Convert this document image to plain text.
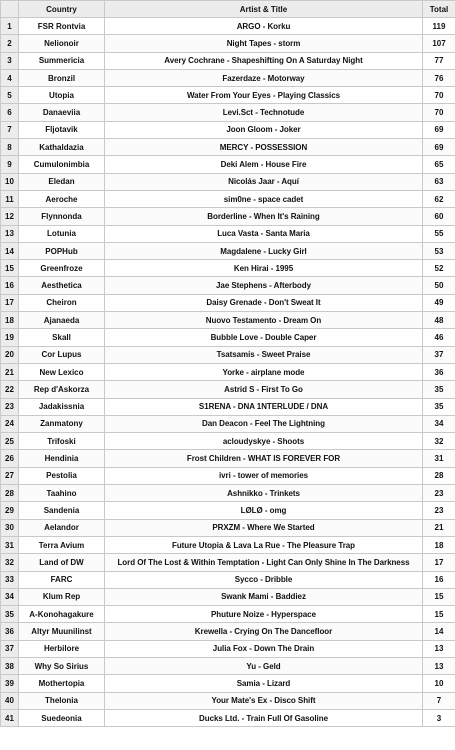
	Country	Artist & Title	Total
1	FSR Rontvia	ARGO - Korku	119
2	Nelionoir	Night Tapes - storm	107
3	Summericia	Avery Cochrane - Shapeshifting On A Saturday Night	77
4	Bronzil	Fazerdaze - Motorway	76
5	Utopia	Water From Your Eyes - Playing Classics	70
6	Danaeviia	Levi.Sct - Technotude	70
7	Fljotavik	Joon Gloom - Joker	69
8	Kathaldazia	MERCY - POSSESSION	69
9	Cumulonimbia	Deki Alem - House Fire	65
10	Eledan	Nicolás Jaar - Aquí	63
11	Aeroche	sim0ne - space cadet	62
12	Flynnonda	Borderline - When It's Raining	60
13	Lotunia	Luca Vasta - Santa Maria	55
14	POPHub	Magdalene - Lucky Girl	53
15	Greenfroze	Ken Hirai - 1995	52
16	Aesthetica	Jae Stephens - Afterbody	50
17	Cheiron	Daisy Grenade - Don't Sweat It	49
18	Ajanaeda	Nuovo Testamento - Dream On	48
19	Skall	Bubble Love - Double Caper	46
20	Cor Lupus	Tsatsamis - Sweet Praise	37
21	New Lexico	Yorke - airplane mode	36
22	Rep d'Askorza	Astrid S - First To Go	35
23	Jadakissnia	S1RENA - DNA 1NTERLUDE / DNA	35
24	Zanmatony	Dan Deacon - Feel The Lightning	34
25	Trifoski	acloudyskye - Shoots	32
26	Hendinia	Frost Children - WHAT IS FOREVER FOR	31
27	Pestolia	ivri - tower of memories	28
28	Taahino	Ashnikko - Trinkets	23
29	Sandenia	LØLØ - omg	23
30	Aelandor	PRXZM - Where We Started	21
31	Terra Avium	Future Utopia & Lava La Rue - The Pleasure Trap	18
32	Land of DW	Lord Of The Lost & Within Temptation - Light Can Only Shine In The Darkness	17
33	FARC	Sycco - Dribble	16
34	Klum Rep	Swank Mami - Baddiez	15
35	A-Konohagakure	Phuture Noize - Hyperspace	15
36	Altyr Muunilinst	Krewella - Crying On The Dancefloor	14
37	Herbilore	Julia Fox - Down The Drain	13
38	Why So Sirius	Yu - Geld	13
39	Mothertopia	Samia - Lizard	10
40	Thelonia	Your Mate's Ex - Disco Shift	7
41	Suedeonia	Ducks Ltd. - Train Full Of Gasoline	3
